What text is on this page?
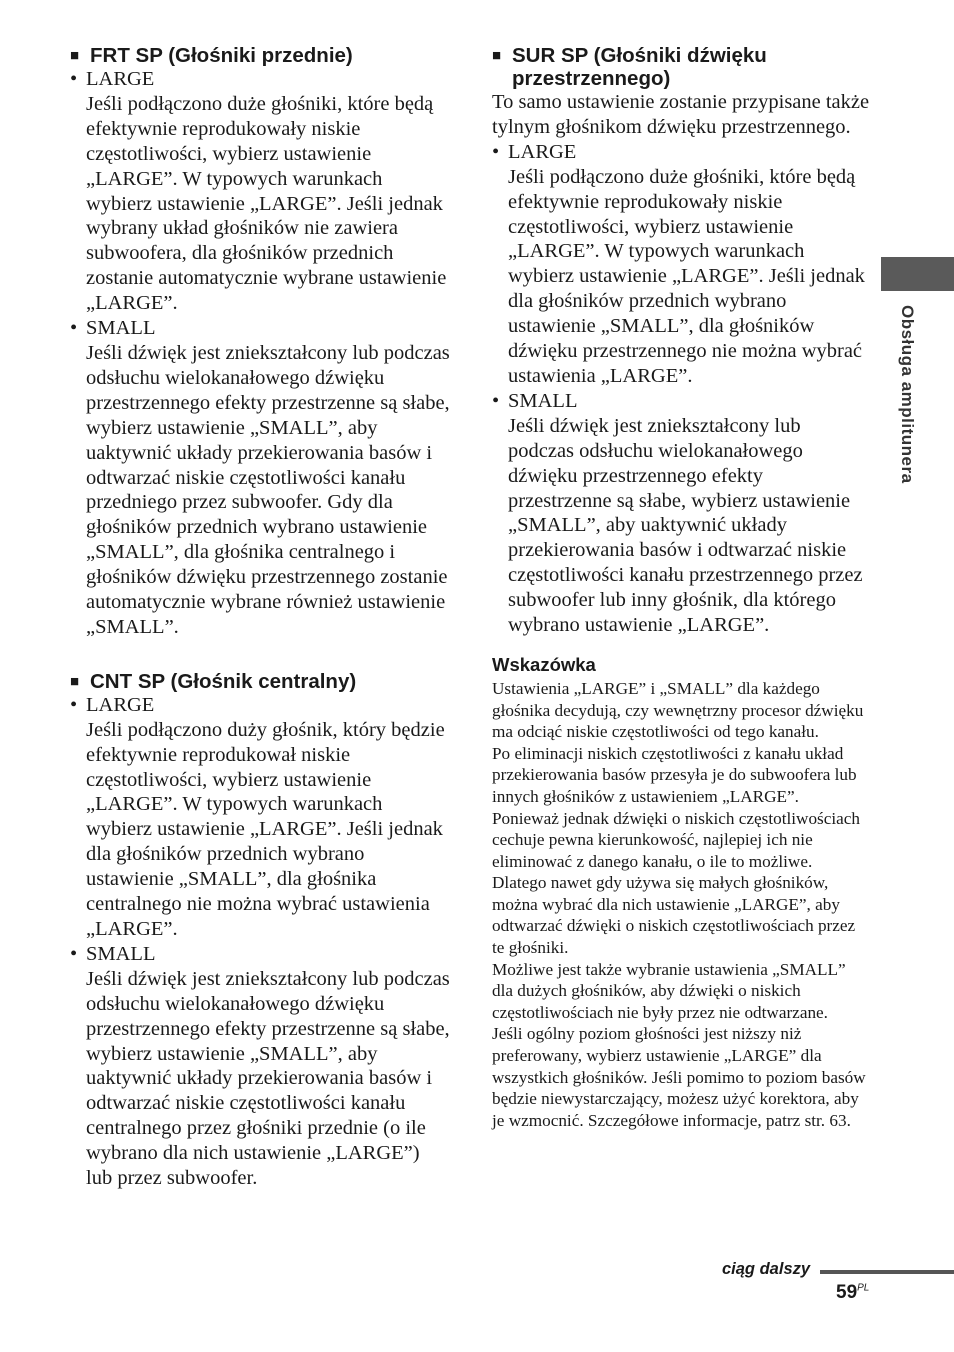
■ FRT SP (Głośniki przednie)
• LARGE
Jeśli podłączono duże głośniki, które będą efektywnie reprodukowały niskie częstotliwości, wybierz ustawienie „LARGE”. W typowych warunkach wybierz ustawienie „LARGE”. Jeśli jednak wybrany układ głośników nie zawiera subwoofera, dla głośników przednich zostanie automatycznie wybrane ustawienie „LARGE”.
• SMALL
Jeśli dźwięk jest zniekształcony lub podczas odsłuchu wielokanałowego dźwięku przestrzennego efekty przestrzenne są słabe, wybierz ustawienie „SMALL”, aby uaktywnić układy przekierowania basów i odtwarzać niskie częstotliwości kanału przedniego przez subwoofer. Gdy dla głośników przednich wybrano ustawienie „SMALL”, dla głośnika centralnego i głośników dźwięku przestrzennego zostanie automatycznie wybrane również ustawienie „SMALL”.
■ CNT SP (Głośnik centralny)
• LARGE
Jeśli podłączono duży głośnik, który będzie efektywnie reprodukował niskie częstotliwości, wybierz ustawienie „LARGE”. W typowych warunkach wybierz ustawienie „LARGE”. Jeśli jednak dla głośników przednich wybrano ustawienie „SMALL”, dla głośnika centralnego nie można wybrać ustawienia „LARGE”.
• SMALL
Jeśli dźwięk jest zniekształcony lub podczas odsłuchu wielokanałowego dźwięku przestrzennego efekty przestrzenne są słabe, wybierz ustawienie „SMALL”, aby uaktywnić układy przekierowania basów i odtwarzać niskie częstotliwości kanału centralnego przez głośniki przednie (o ile wybrano dla nich ustawienie „LARGE”) lub przez subwoofer.
■ SUR SP (Głośniki dźwięku przestrzennego)

To samo ustawienie zostanie przypisane także tylnym głośnikom dźwięku przestrzennego.

• LARGE
Jeśli podłączono duże głośniki, które będą efektywnie reprodukowały niskie częstotliwości, wybierz ustawienie „LARGE”. W typowych warunkach wybierz ustawienie „LARGE”. Jeśli jednak dla głośników przednich wybrano ustawienie „SMALL”, dla głośników dźwięku przestrzennego nie można wybrać ustawienia „LARGE”.
• SMALL
Jeśli dźwięk jest zniekształcony lub podczas odsłuchu wielokanałowego dźwięku przestrzennego efekty przestrzenne są słabe, wybierz ustawienie „SMALL”, aby uaktywnić układy przekierowania basów i odtwarzać niskie częstotliwości kanału przestrzennego przez subwoofer lub inny głośnik, dla którego wybrano ustawienie „LARGE”.
Wskazówka

Ustawienia „LARGE” i „SMALL” dla każdego głośnika decydują, czy wewnętrzny procesor dźwięku ma odciąć niskie częstotliwości od tego kanału.

Po eliminacji niskich częstotliwości z kanału układ przekierowania basów przesyła je do subwoofera lub innych głośników z ustawieniem „LARGE”.

Ponieważ jednak dźwięki o niskich częstotliwościach cechuje pewna kierunkowość, najlepiej ich nie eliminować z danego kanału, o ile to możliwe. Dlatego nawet gdy używa się małych głośników, można wybrać dla nich ustawienie „LARGE”, aby odtwarzać dźwięki o niskich częstotliwościach przez te głośniki.

Możliwe jest także wybranie ustawienia „SMALL” dla dużych głośników, aby dźwięki o niskich częstotliwościach nie były przez nie odtwarzane.

Jeśli ogólny poziom głośności jest niższy niż preferowany, wybierz ustawienie „LARGE” dla wszystkich głośników. Jeśli pomimo to poziom basów będzie niewystarczający, możesz użyć korektora, aby je wzmocnić. Szczegółowe informacje, patrz str. 63.

Obsługa amplitunera
ciąg dalszy
$59^{PL}$
